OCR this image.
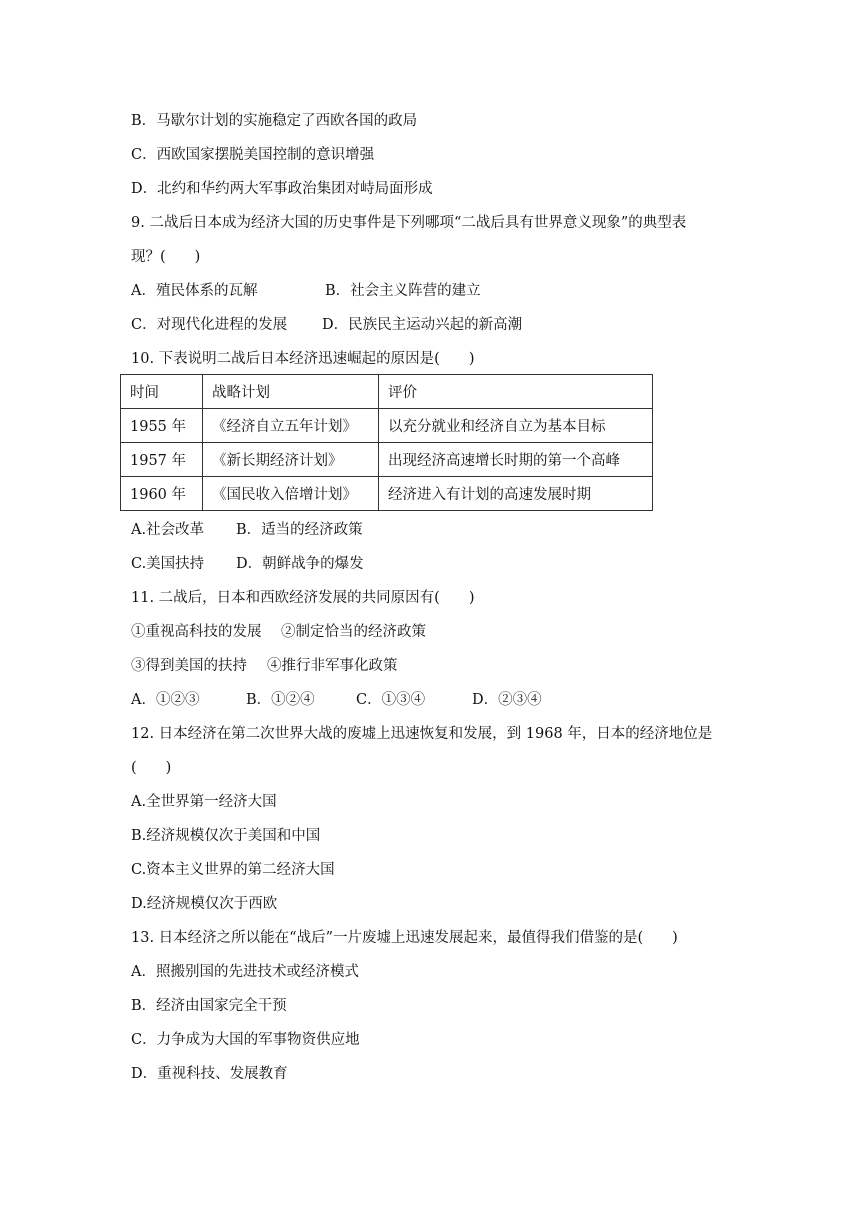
B．马歇尔计划的实施稳定了西欧各国的政局
C．西欧国家摆脱美国控制的意识增强
D．北约和华约两大军事政治集团对峙局面形成
9. 二战后日本成为经济大国的历史事件是下列哪项“二战后具有世界意义现象”的典型表
现？(　　)
A．殖民体系的瓦解	B．社会主义阵营的建立
C．对现代化进程的发展 D．民族民主运动兴起的新高潮
10. 下表说明二战后日本经济迅速崛起的原因是(　　)
时间	战略计划	评价
1955 年	《经济自立五年计划》	以充分就业和经济自立为基本目标
1957 年	《新长期经济计划》	出现经济高速增长时期的第一个高峰
1960 年	《国民收入倍增计划》	经济进入有计划的高速发展时期
A.社会改革 B．适当的经济政策
C.美国扶持 D．朝鲜战争的爆发
11. 二战后，日本和西欧经济发展的共同原因有(　　)
①重视高科技的发展 ②制定恰当的经济政策
③得到美国的扶持 ④推行非军事化政策
A．①②③	B．①②④	C．①③④	D．②③④
12. 日本经济在第二次世界大战的废墟上迅速恢复和发展，到 1968 年，日本的经济地位是
(　　)
A.全世界第一经济大国
B.经济规模仅次于美国和中国
C.资本主义世界的第二经济大国
D.经济规模仅次于西欧
13. 日本经济之所以能在“战后”一片废墟上迅速发展起来，最值得我们借鉴的是(　　)
A．照搬别国的先进技术或经济模式
B．经济由国家完全干预
C．力争成为大国的军事物资供应地
D．重视科技、发展教育
